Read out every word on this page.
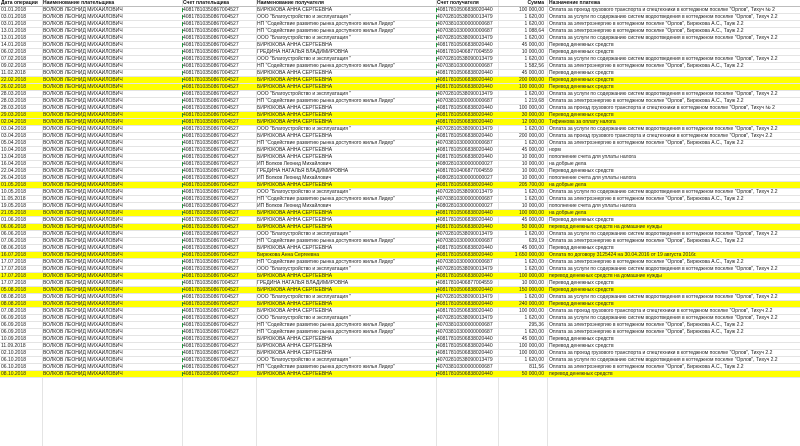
Дата операции	Наименование плательщика	Счет плательщика	Наименование получателя	Счет получателя	Сумма	Назначение платежа
01.01.2018	ВОЛКОВ ЛЕОНИД МИХАЙЛОВИЧ	40817810350867004527	БИРЮКОВА АННА СЕРГЕЕВНА	40817810506838020440	100 000,00	Оплата за проезд грузового транспорта и спецтехники в коттеджном поселке "Орлов", Тихуч № 2
03.01.2018	ВОЛКОВ ЛЕОНИД МИХАЙЛОВИЧ	40817810350867004527	ООО "Благоустройство и эксплуатация "	40702810538090013479	1 620,00	Оплата за услуги по содержанию систем водоотведения в коттеджном поселке "Орлов", Тихуч 2.2
03.01.2018	ВОЛКОВ ЛЕОНИД МИХАЙЛОВИЧ	40817810350867004527	НП "Содействие развитию рынка доступного жилья Лидер"	40703810300000000687	1 620,00	Оплата за электроэнергию в коттеджном поселке "Орлов", Бирюкова А.С., Тауж 2.2
13.01.2018	ВОЛКОВ ЛЕОНИД МИХАЙЛОВИЧ	40817810350867004527	НП "Содействие развитию рынка доступного жилья Лидер"	40703810300000000687	1 088,64	Оплата за электроэнергию в коттеджном поселке "Орлов", Бирюкова А.С., Тауж 2.2
13.01.2018	ВОЛКОВ ЛЕОНИД МИХАЙЛОВИЧ	40817810350867004527	ООО "Благоустройство и эксплуатация "	40702810538090013479	1 620,00	Оплата за услуги по содержанию систем водоотведения в коттеджном поселке "Орлов", Тихуч 2.2
14.01.2018	ВОЛКОВ ЛЕОНИД МИХАЙЛОВИЧ	40817810350867004527	БИРЮКОВА АННА СЕРГЕЕВНА	40817810506838020440	45 000,00	Перевод денежных средств
06.02.2018	ВОЛКОВ ЛЕОНИД МИХАЙЛОВИЧ	40817810350867004527	ГРЕДИНА НАТАЛЬЯ ВЛАДИМИРОВНА	40817810406877004559	10 000,00	Перевод денежных средств
07.02.2018	ВОЛКОВ ЛЕОНИД МИХАЙЛОВИЧ	40817810350867004527	ООО "Благоустройство и эксплуатация "	40702810538090013479	1 620,00	Оплата за услуги по содержанию систем водоотведения в коттеджном поселке "Орлов", Тихуч 2.2
09.02.2018	ВОЛКОВ ЛЕОНИД МИХАЙЛОВИЧ	40817810350867004527	НП "Содействие развитию рынка доступного жилья Лидер"	40703810300000000687	1 582,56	Оплата за электроэнергию в коттеджном поселке "Орлов", Бирюкова А.С., Тауж 2.2
11.02.2018	ВОЛКОВ ЛЕОНИД МИХАЙЛОВИЧ	40817810350867004527	БИРЮКОВА АННА СЕРГЕЕВНА	40817810506838020440	45 000,00	Перевод денежных средств
22.02.2018	ВОЛКОВ ЛЕОНИД МИХАЙЛОВИЧ	40817810350867004527	БИРЮКОВА АННА СЕРГЕЕВНА	40817810506838020440	200 000,00	Перевод денежных средств
26.02.2018	ВОЛКОВ ЛЕОНИД МИХАЙЛОВИЧ	40817810350867004527	БИРЮКОВА АННА СЕРГЕЕВНА	40817810506838020440	100 000,00	Перевод денежных средств
28.03.2018	ВОЛКОВ ЛЕОНИД МИХАЙЛОВИЧ	40817810350867004527	ООО "Благоустройство и эксплуатация "	40702810538090013479	1 620,00	Оплата за услуги по содержанию систем водоотведения в коттеджном поселке "Орлов", Тихуч 2.2
28.03.2018	ВОЛКОВ ЛЕОНИД МИХАЙЛОВИЧ	40817810350867004527	НП "Содействие развитию рынка доступного жилья Лидер"	40703810300000000687	1 219,68	Оплата за электроэнергию в коттеджном поселке "Орлов", Бирюкова А.С., Тауж 2.2
28.03.2018	ВОЛКОВ ЛЕОНИД МИХАЙЛОВИЧ	40817810350867004527	БИРЮКОВА АННА СЕРГЕЕВНА	40817810506838020440	100 000,00	Оплата за проезд грузового транспорта и спецтехники в коттеджном поселке "Орлов", Тихуч № 2
29.03.2018	ВОЛКОВ ЛЕОНИД МИХАЙЛОВИЧ	40817810350867004527	БИРЮКОВА АННА СЕРГЕЕВНА	40817810506838020440	30 000,00	Перевод денежных средств
02.04.2018	ВОЛКОВ ЛЕОНИД МИХАЙЛОВИЧ	40817810350867004527	БИРЮКОВА АННА СЕРГЕЕВНА	40817810506838020440	12 000,00	Тифинкова за оплату налога
03.04.2018	ВОЛКОВ ЛЕОНИД МИХАЙЛОВИЧ	40817810350867004527	ООО "Благоустройство и эксплуатация "	40702810538090013479	1 620,00	Оплата за услуги по содержанию систем водоотведения в коттеджном поселке "Орлов", Тихуч 2.2
03.04.2018	ВОЛКОВ ЛЕОНИД МИХАЙЛОВИЧ	40817810350867004527	БИРЮКОВА АННА СЕРГЕЕВНА	40817810506838020440	200 000,00	Оплата за проезд грузового транспорта и спецтехники в коттеджном поселке "Орлов", Тихуч 2.2
05.04.2018	ВОЛКОВ ЛЕОНИД МИХАЙЛОВИЧ	40817810350867004527	НП "Содействие развитию рынка доступного жилья Лидер"	40703810300000000687	1 620,00	Оплата за электроэнергию в коттеджном поселке "Орлов", Бирюкова А.С., Тауж 2.2
10.04.2018	ВОЛКОВ ЛЕОНИД МИХАЙЛОВИЧ	40817810350867004527	БИРЮКОВА АННА СЕРГЕЕВНА	40817810506838020440	45 000,00	норм
13.04.2018	ВОЛКОВ ЛЕОНИД МИХАЙЛОВИЧ	40817810350867004527	БИРЮКОВА АННА СЕРГЕЕВНА	40817810506838020440	10 000,00	пополнение счета для уплаты налога
16.04.2018	ВОЛКОВ ЛЕОНИД МИХАЙЛОВИЧ	40817810350867004527	ИП Волков Леонид Михайлович	40802810300000000027	10 000,00	на добрые дела
22.04.2018	ВОЛКОВ ЛЕОНИД МИХАЙЛОВИЧ	40817810350867004527	ГРЕДИНА НАТАЛЬЯ ВЛАДИМИРОВНА	40817810406877004559	10 000,00	Перевод денежных средств
26.04.2018	ВОЛКОВ ЛЕОНИД МИХАЙЛОВИЧ	40817810350867004527	ИП Волков Леонид Михайлович	40802810300000000027	10 000,00	пополнение счета для уплаты налога
01.05.2018	ВОЛКОВ ЛЕОНИД МИХАЙЛОВИЧ	40817810350867004527	БИРЮКОВА АННА СЕРГЕЕВНА	40817810506838020440	205 700,00	на добрые дела
10.05.2018	ВОЛКОВ ЛЕОНИД МИХАЙЛОВИЧ	40817810350867004527	ООО "Благоустройство и эксплуатация "	40702810538090013479	1 620,00	Оплата за услуги по содержанию систем водоотведения в коттеджном поселке "Орлов", Тихуч 2.2
11.05.2018	ВОЛКОВ ЛЕОНИД МИХАЙЛОВИЧ	40817810350867004527	НП "Содействие развитию рынка доступного жилья Лидер"	40703810300000000687	1 620,00	Оплата за электроэнергию в коттеджном поселке "Орлов", Бирюкова А.С., Тауж 2.2
19.05.2018	ВОЛКОВ ЛЕОНИД МИХАЙЛОВИЧ	40817810350867004527	ИП Волков Леонид Михайлович	40802810300000000027	10 000,00	пополнение счета для уплаты налога
21.05.2018	ВОЛКОВ ЛЕОНИД МИХАЙЛОВИЧ	40817810350867004527	БИРЮКОВА АННА СЕРГЕЕВНА	40817810506838020440	100 000,00	на добрые дела
01.06.2018	ВОЛКОВ ЛЕОНИД МИХАЙЛОВИЧ	40817810350867004527	БИРЮКОВА АННА СЕРГЕЕВНА	40817810506838020440	45 000,00	Перевод денежных средств
06.06.2018	ВОЛКОВ ЛЕОНИД МИХАЙЛОВИЧ	40817810350867004527	БИРЮКОВА АННА СЕРГЕЕВНА	40817810506838020440	50 000,00	перевод денежных средств на домашние нужды
06.06.2018	ВОЛКОВ ЛЕОНИД МИХАЙЛОВИЧ	40817810350867004527	ООО "Благоустройство и эксплуатация "	40702810538090013479	1 620,00	Оплата за услуги по содержанию систем водоотведения в коттеджном поселке "Орлов", Тихуч 2.2
07.06.2018	ВОЛКОВ ЛЕОНИД МИХАЙЛОВИЧ	40817810350867004527	НП "Содействие развитию рынка доступного жилья Лидер"	40703810300000000687	639,19	Оплата за электроэнергию в коттеджном поселке "Орлов", Бирюкова А.С., Тауж 2.2
08.06.2018	ВОЛКОВ ЛЕОНИД МИХАЙЛОВИЧ	40817810350867004527	БИРЮКОВА АННА СЕРГЕЕВНА	40817810506838020440	45 000,00	Перевод денежных средств
16.07.2018	ВОЛКОВ ЛЕОНИД МИХАЙЛОВИЧ	40817810350867004527	Бирюкова Анна Сергеевна	40817810506838020440	1 650 000,00	Оплата по договору 3125424 на 30.04.2016 от 19 августа 2016г.
17.07.2018	ВОЛКОВ ЛЕОНИД МИХАЙЛОВИЧ	40817810350867004527	НП "Содействие развитию рынка доступного жилья Лидер"	40703810300000000687	1 620,00	Оплата за электроэнергию в коттеджном поселке "Орлов", Бирюкова А.С., Тауж 2.2
17.07.2018	ВОЛКОВ ЛЕОНИД МИХАЙЛОВИЧ	40817810350867004527	ООО "Благоустройство и эксплуатация "	40702810538090013479	1 620,00	Оплата за услуги по содержанию систем водоотведения в коттеджном поселке "Орлов", Тихуч 2.2
17.07.2018	ВОЛКОВ ЛЕОНИД МИХАЙЛОВИЧ	40817810350867004527	БИРЮКОВА АННА СЕРГЕЕВНА	40817810506838020440	100 000,00	перевод денежных средств на домашние нужды
17.07.2018	ВОЛКОВ ЛЕОНИД МИХАЙЛОВИЧ	40817810350867004527	ГРЕДИНА НАТАЛЬЯ ВЛАДИМИРОВНА	40817810406877004559	10 000,00	Перевод денежных средств
05.08.2018	ВОЛКОВ ЛЕОНИД МИХАЙЛОВИЧ	40817810350867004527	БИРЮКОВА АННА СЕРГЕЕВНА	40817810506838020440	150 000,00	Перевод денежных средств
08.08.2018	ВОЛКОВ ЛЕОНИД МИХАЙЛОВИЧ	40817810350867004527	ООО "Благоустройство и эксплуатация "	40702810538090013479	1 620,00	Оплата за услуги по содержанию систем водоотведения в коттеджном поселке "Орлов", Тихуч 2.2
08.08.2018	ВОЛКОВ ЛЕОНИД МИХАЙЛОВИЧ	40817810350867004527	БИРЮКОВА АННА СЕРГЕЕВНА	40817810506838020440	240 000,00	Перевод денежных средств
07.08.2018	ВОЛКОВ ЛЕОНИД МИХАЙЛОВИЧ	40817810350867004527	БИРЮКОВА АННА СЕРГЕЕВНА	40817810506838020440	100 000,00	Оплата за проезд грузового транспорта и спецтехники в коттеджном поселке "Орлов", Тихуч 2.2
06.09.2018	ВОЛКОВ ЛЕОНИД МИХАЙЛОВИЧ	40817810350867004527	ООО "Благоустройство и эксплуатация "	40702810538090013479	1 620,00	Оплата за услуги по содержанию систем водоотведения в коттеджном поселке "Орлов", Тихуч 2.2
06.09.2018	ВОЛКОВ ЛЕОНИД МИХАЙЛОВИЧ	40817810350867004527	НП "Содействие развитию рынка доступного жилья Лидер"	40703810300000000687	295,36	Оплата за электроэнергию в коттеджном поселке "Орлов", Бирюкова А.С., Тауж 2.2
06.09.2018	ВОЛКОВ ЛЕОНИД МИХАЙЛОВИЧ	40817810350867004527	НП "Содействие развитию рынка доступного жилья Лидер"	40703810300000000687	1 620,00	Оплата за электроэнергию в коттеджном поселке "Орлов", Бирюкова А.С., Тауж 2.2
10.09.2018	ВОЛКОВ ЛЕОНИД МИХАЙЛОВИЧ	40817810350867004527	БИРЮКОВА АННА СЕРГЕЕВНА	40817810506838020440	45 000,00	Перевод денежных средств
11.09.2018	ВОЛКОВ ЛЕОНИД МИХАЙЛОВИЧ	40817810350867004527	БИРЮКОВА АННА СЕРГЕЕВНА	40817810506838020440	100 000,00	Перевод денежных средств
02.10.2018	ВОЛКОВ ЛЕОНИД МИХАЙЛОВИЧ	40817810350867004527	БИРЮКОВА АННА СЕРГЕЕВНА	40817810506838020440	100 000,00	Оплата за проезд грузового транспорта и спецтехники в коттеджном поселке "Орлов", Тихуч 2.2
06.10.2018	ВОЛКОВ ЛЕОНИД МИХАЙЛОВИЧ	40817810350867004527	ООО "Благоустройство и эксплуатация "	40702810538090013479	1 620,00	Оплата за услуги по содержанию систем водоотведения в коттеджном поселке "Орлов", Тихуч 2.2
06.10.2018	ВОЛКОВ ЛЕОНИД МИХАЙЛОВИЧ	40817810350867004527	НП "Содействие развитию рынка доступного жилья Лидер"	40703810300000000687	811,56	Оплата за электроэнергию в коттеджном поселке "Орлов", Бирюкова А.С., Тауж 2.2
08.10.2018	ВОЛКОВ ЛЕОНИД МИХАЙЛОВИЧ	40817810350867004527	БИРЮКОВА АННА СЕРГЕЕВНА	40817810506838020440	50 000,00	перевод денежных средств
